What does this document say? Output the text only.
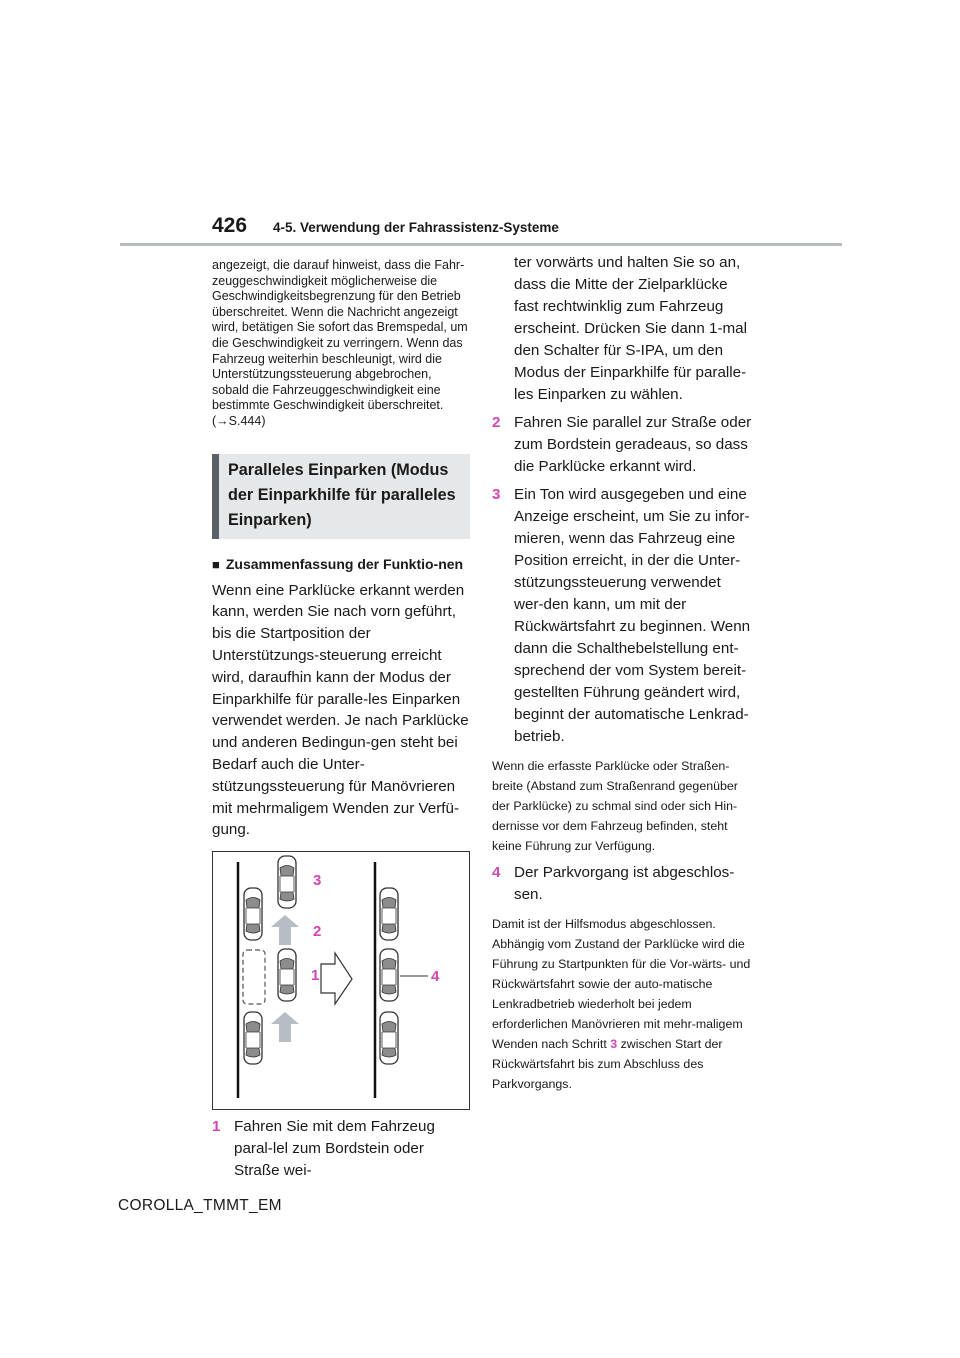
426	4-5. Verwendung der Fahrassistenz-Systeme

angezeigt, die darauf hinweist, dass die Fahr-zeuggeschwindigkeit möglicherweise die Geschwindigkeitsbegrenzung für den Betrieb überschreitet. Wenn die Nachricht angezeigt wird, betätigen Sie sofort das Bremspedal, um die Geschwindigkeit zu verringern. Wenn das Fahrzeug weiterhin beschleunigt, wird die Unterstützungssteuerung abgebrochen, sobald die Fahrzeuggeschwindigkeit eine bestimmte Geschwindigkeit überschreitet. (→S.444)

Paralleles Einparken (Modus der Einparkhilfe für paralleles Einparken)

■ Zusammenfassung der Funktio-nen

Wenn eine Parklücke erkannt werden kann, werden Sie nach vorn geführt, bis die Startposition der Unterstützungs-steuerung erreicht wird, daraufhin kann der Modus der Einparkhilfe für paralle-les Einparken verwendet werden. Je nach Parklücke und anderen Bedingun-gen steht bei Bedarf auch die Unter-stützungssteuerung für Manövrieren mit mehrmaligem Wenden zur Verfü-gung.

1
2
3
4
1 Fahren Sie mit dem Fahrzeug paral-lel zum Bordstein oder Straße wei-

ter vorwärts und halten Sie so an, dass die Mitte der Zielparklücke fast rechtwinklig zum Fahrzeug erscheint. Drücken Sie dann 1-mal den Schalter für S-IPA, um den Modus der Einparkhilfe für paralle-les Einparken zu wählen.

2 Fahren Sie parallel zur Straße oder zum Bordstein geradeaus, so dass die Parklücke erkannt wird.
3 Ein Ton wird ausgegeben und eine Anzeige erscheint, um Sie zu infor-mieren, wenn das Fahrzeug eine Position erreicht, in der die Unter-stützungssteuerung verwendet wer-den kann, um mit der Rückwärtsfahrt zu beginnen. Wenn dann die Schalthebelstellung ent-sprechend der vom System bereit-gestellten Führung geändert wird, beginnt der automatische Lenkrad-betrieb.

Wenn die erfasste Parklücke oder Straßen-breite (Abstand zum Straßenrand gegenüber der Parklücke) zu schmal sind oder sich Hin-dernisse vor dem Fahrzeug befinden, steht keine Führung zur Verfügung.

4 Der Parkvorgang ist abgeschlos-sen.

Damit ist der Hilfsmodus abgeschlossen. Abhängig vom Zustand der Parklücke wird die Führung zu Startpunkten für die Vor-wärts- und Rückwärtsfahrt sowie der auto-matische Lenkradbetrieb wiederholt bei jedem erforderlichen Manövrieren mit mehr-maligem Wenden nach Schritt 3 zwischen Start der Rückwärtsfahrt bis zum Abschluss des Parkvorgangs.

COROLLA_TMMT_EM
